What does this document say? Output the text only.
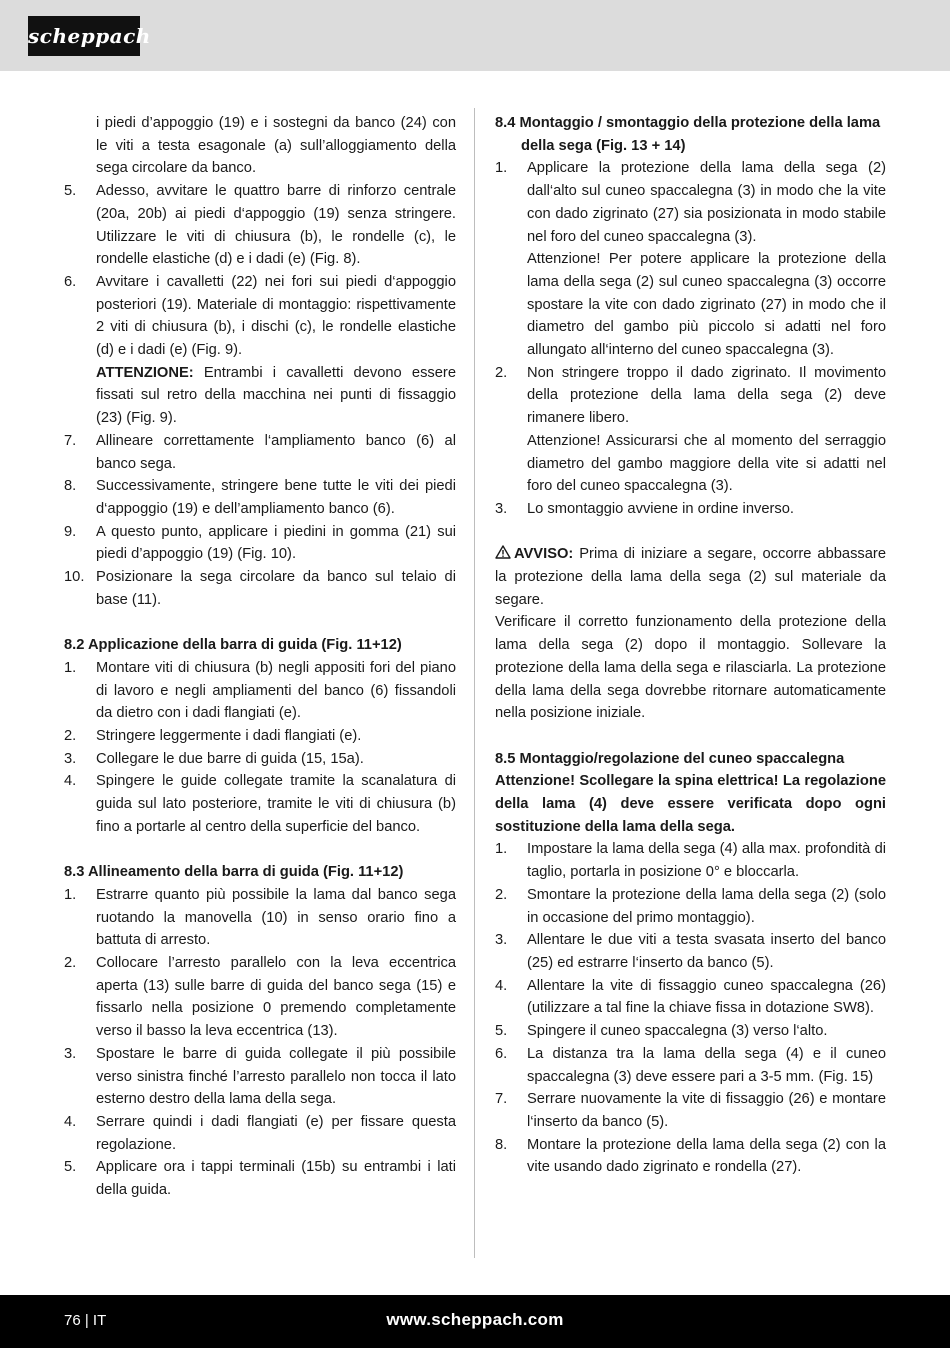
scheppach

i piedi d’appoggio (19) e i sostegni da banco (24) con le viti a testa esagonale (a) sull’alloggiamento della sega circolare da banco.

5. Adesso, avvitare le quattro barre di rinforzo centrale (20a, 20b) ai piedi d‘appoggio (19) senza stringere. Utilizzare le viti di chiusura (b), le rondelle (c), le rondelle elastiche (d) e i dadi (e) (Fig. 8).
6. Avvitare i cavalletti (22) nei fori sui piedi d‘appoggio posteriori (19). Materiale di montaggio: rispettivamente 2 viti di chiusura (b), i dischi (c), le rondelle elastiche (d) e i dadi (e) (Fig. 9).

ATTENZIONE: Entrambi i cavalletti devono essere fissati sul retro della macchina nei punti di fissaggio (23) (Fig. 9).

7. Allineare correttamente l‘ampliamento banco (6) al banco sega.
8. Successivamente, stringere bene tutte le viti dei piedi d‘appoggio (19) e dell’ampliamento banco (6).
9. A questo punto, applicare i piedini in gomma (21) sui piedi d’appoggio (19) (Fig. 10).
10. Posizionare la sega circolare da banco sul telaio di base (11).

8.2 Applicazione della barra di guida (Fig. 11+12)

1. Montare viti di chiusura (b) negli appositi fori del piano di lavoro e negli ampliamenti del banco (6) fissandoli da dietro con i dadi flangiati (e).
2. Stringere leggermente i dadi flangiati (e).
3. Collegare le due barre di guida (15, 15a).
4. Spingere le guide collegate tramite la scanalatura di guida sul lato posteriore, tramite le viti di chiusura (b) fino a portarle al centro della superficie del banco.

8.3 Allineamento della barra di guida (Fig. 11+12)

1. Estrarre quanto più possibile la lama dal banco sega ruotando la manovella (10) in senso orario fino a battuta di arresto.
2. Collocare l’arresto parallelo con la leva eccentrica aperta (13) sulle barre di guida del banco sega (15) e fissarlo nella posizione 0 premendo completamente verso il basso la leva eccentrica (13).
3. Spostare le barre di guida collegate il più possibile verso sinistra finché l’arresto parallelo non tocca il lato esterno destro della lama della sega.
4. Serrare quindi i dadi flangiati (e) per fissare questa regolazione.
5. Applicare ora i tappi terminali (15b) su entrambi i lati della guida.

8.4 Montaggio / smontaggio della protezione della lama della sega (Fig. 13 + 14)

1. Applicare la protezione della lama della sega (2) dall‘alto sul cuneo spaccalegna (3) in modo che la vite con dado zigrinato (27) sia posizionata in modo stabile nel foro del cuneo spaccalegna (3).

Attenzione! Per potere applicare la protezione della lama della sega (2) sul cuneo spaccalegna (3) occorre spostare la vite con dado zigrinato (27) in modo che il diametro del gambo più piccolo si adatti nel foro allungato all‘interno del cuneo spaccalegna (3).

2. Non stringere troppo il dado zigrinato. Il movimento della protezione della lama della sega (2) deve rimanere libero.

Attenzione! Assicurarsi che al momento del serraggio diametro del gambo maggiore della vite si adatti nel foro del cuneo spaccalegna (3).

3. Lo smontaggio avviene in ordine inverso.

AVVISO: Prima di iniziare a segare, occorre abbassare la protezione della lama della sega (2) sul materiale da segare.

Verificare il corretto funzionamento della protezione della lama della sega (2) dopo il montaggio. Sollevare la protezione della lama della sega e rilasciarla. La protezione della lama della sega dovrebbe ritornare automaticamente nella posizione iniziale.

8.5 Montaggio/regolazione del cuneo spaccalegna

Attenzione! Scollegare la spina elettrica! La regolazione della lama (4) deve essere verificata dopo ogni sostituzione della lama della sega.

1. Impostare la lama della sega (4) alla max. profondità di taglio, portarla in posizione 0° e bloccarla.
2. Smontare la protezione della lama della sega (2) (solo in occasione del primo montaggio).
3. Allentare le due viti a testa svasata inserto del banco (25) ed estrarre l‘inserto da banco (5).
4. Allentare la vite di fissaggio cuneo spaccalegna (26) (utilizzare a tal fine la chiave fissa in dotazione SW8).
5. Spingere il cuneo spaccalegna (3) verso l‘alto.
6. La distanza tra la lama della sega (4) e il cuneo spaccalegna (3) deve essere pari a 3-5 mm. (Fig. 15)
7. Serrare nuovamente la vite di fissaggio (26) e montare l‘inserto da banco (5).
8. Montare la protezione della lama della sega (2) con la vite usando dado zigrinato e rondella (27).
76 | IT	www.scheppach.com
